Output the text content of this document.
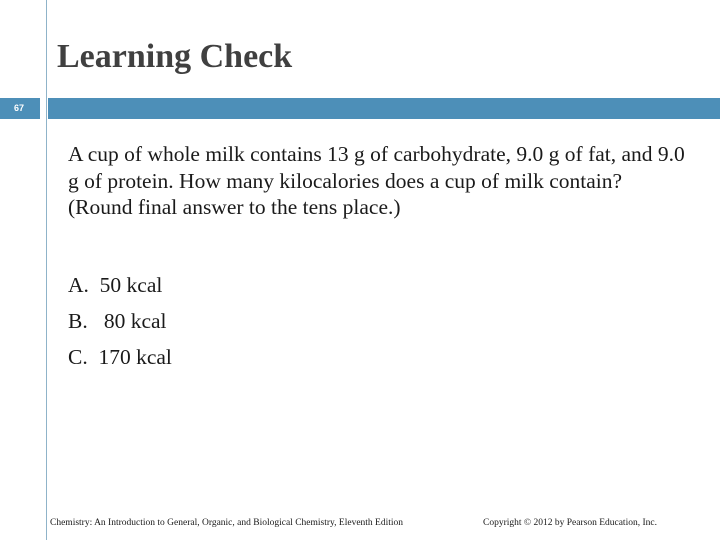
Learning Check
67
A cup of whole milk contains 13 g of carbohydrate, 9.0 g of fat, and 9.0 g of protein. How many kilocalories does a cup of milk contain? (Round final answer to the tens place.)
A.  50 kcal
B.   80 kcal
C.  170 kcal
Chemistry: An Introduction to General, Organic, and Biological Chemistry, Eleventh Edition	Copyright © 2012 by Pearson Education, Inc.
